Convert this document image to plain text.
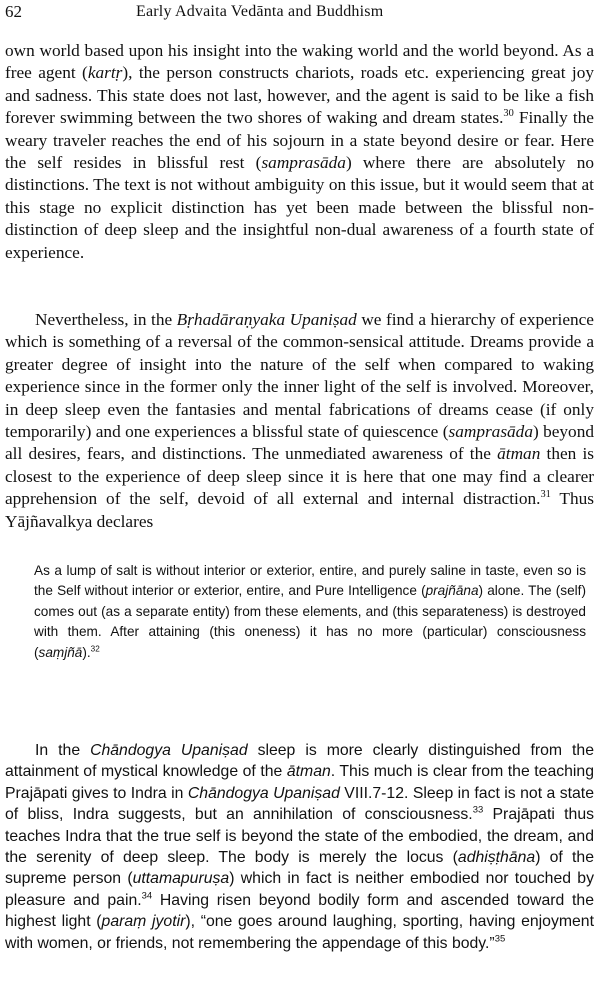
62	Early Advaita Vedānta and Buddhism

own world based upon his insight into the waking world and the world beyond. As a free agent (kartṛ), the person constructs chariots, roads etc. experiencing great joy and sadness. This state does not last, however, and the agent is said to be like a fish forever swimming between the two shores of waking and dream states.$^{30}$ Finally the weary traveler reaches the end of his sojourn in a state beyond desire or fear. Here the self resides in blissful rest (samprasāda) where there are absolutely no distinctions. The text is not without ambiguity on this issue, but it would seem that at this stage no explicit distinction has yet been made between the blissful non-distinction of deep sleep and the insightful non-dual awareness of a fourth state of experience.

Nevertheless, in the Bṛhadāraṇyaka Upaniṣad we find a hierarchy of experience which is something of a reversal of the common-sensical attitude. Dreams provide a greater degree of insight into the nature of the self when compared to waking experience since in the former only the inner light of the self is involved. Moreover, in deep sleep even the fantasies and mental fabrications of dreams cease (if only temporarily) and one experiences a blissful state of quiescence (samprasāda) beyond all desires, fears, and distinctions. The unmediated awareness of the ātman then is closest to the experience of deep sleep since it is here that one may find a clearer apprehension of the self, devoid of all external and internal distraction.$^{31}$ Thus Yājñavalkya declares

As a lump of salt is without interior or exterior, entire, and purely saline in taste, even so is the Self without interior or exterior, entire, and Pure Intelligence (prajñāna) alone. The (self) comes out (as a separate entity) from these elements, and (this separateness) is destroyed with them. After attaining (this oneness) it has no more (particular) consciousness (saṃjñā).$^{32}$

In the Chāndogya Upaniṣad sleep is more clearly distinguished from the attainment of mystical knowledge of the ātman. This much is clear from the teaching Prajāpati gives to Indra in Chāndogya Upaniṣad VIII.7-12. Sleep in fact is not a state of bliss, Indra suggests, but an annihilation of consciousness.$^{33}$ Prajāpati thus teaches Indra that the true self is beyond the state of the embodied, the dream, and the serenity of deep sleep. The body is merely the locus (adhiṣṭhāna) of the supreme person (uttamapuruṣa) which in fact is neither embodied nor touched by pleasure and pain.$^{34}$ Having risen beyond bodily form and ascended toward the highest light (paraṃ jyotir), “one goes around laughing, sporting, having enjoyment with women, or friends, not remembering the appendage of this body.”$^{35}$
